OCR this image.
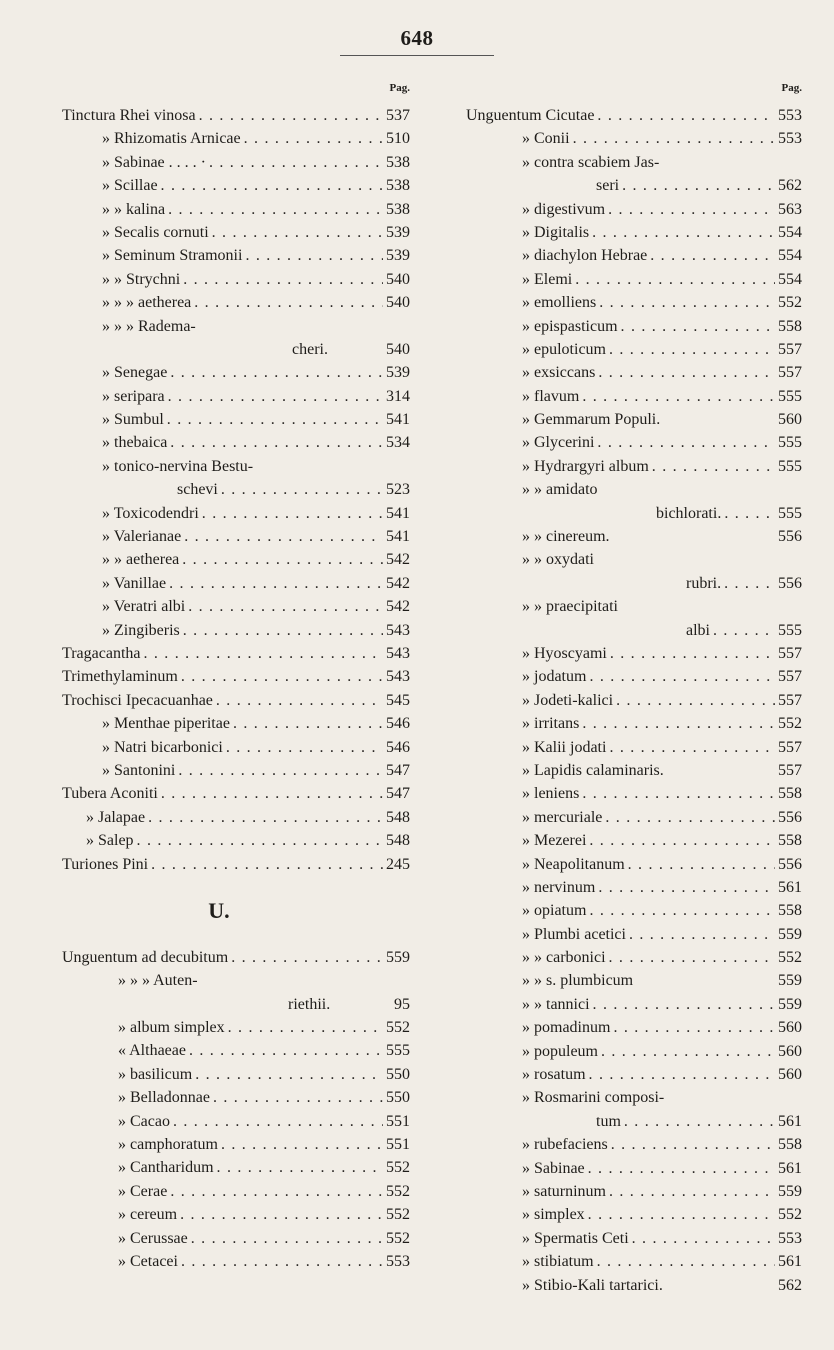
648
Pag.
Tinctura Rhei vinosa . . .	537
» Rhizomatis Arnicae . . .	510
» Sabinae . . . . · . . .	538
» Scillae . . .	538
» » kalina . . .	538
» Secalis cornuti . . .	539
» Seminum Stramonii . . .	539
» » Strychni . . .	540
» » » aetherea . . .	540
» » » Radema-
cheri.	540
» Senegae . . .	539
» seripara . . .	314
» Sumbul . . .	541
» thebaica . . .	534
» tonico-nervina Bestu-
schevi . . .	523
» Toxicodendri . . .	541
» Valerianae . . .	541
» » aetherea . . .	542
» Vanillae . . .	542
» Veratri albi . . .	542
» Zingiberis . . .	543
Tragacantha . . .	543
Trimethylaminum . . .	543
Trochisci Ipecacuanhae . . .	545
» Menthae piperitae . . .	546
» Natri bicarbonici . . .	546
» Santonini . . .	547
Tubera Aconiti . . .	547
» Jalapae . . .	548
» Salep . . .	548
Turiones Pini . . .	245
U.
Unguentum ad decubitum . . .	559
» » » Auten-
riethii.	95
» album simplex . . .	552
« Althaeae . . .	555
» basilicum . . .	550
» Belladonnae . . .	550
» Cacao . . .	551
» camphoratum . . .	551
» Cantharidum . . .	552
» Cerae . . .	552
» cereum . . .	552
» Cerussae . . .	552
» Cetacei . . .	553
Pag.
Unguentum Cicutae . . .	553
» Conii . . .	553
» contra scabiem Jas-
seri . . .	562
» digestivum . . .	563
» Digitalis . . .	554
» diachylon Hebrae . . .	554
» Elemi . . .	554
» emolliens . . .	552
» epispasticum . . .	558
» epuloticum . . .	557
» exsiccans . . .	557
» flavum . . .	555
» Gemmarum Populi.	560
» Glycerini . . .	555
» Hydrargyri album . . .	555
» » amidato
bichlorati. . . .	555
» » cinereum.	556
» » oxydati
rubri. . . .	556
» » praecipitati
albi . . .	555
» Hyoscyami . . .	557
» jodatum . . .	557
» Jodeti-kalici . . .	557
» irritans . . .	552
» Kalii jodati . . .	557
» Lapidis calaminaris.	557
» leniens . . .	558
» mercuriale . . .	556
» Mezerei . . .	558
» Neapolitanum . . .	556
» nervinum . . .	561
» opiatum . . .	558
» Plumbi acetici . . .	559
» » carbonici . . .	552
» » s. plumbicum	559
» » tannici . . .	559
» pomadinum . . .	560
» populeum . . .	560
» rosatum . . .	560
» Rosmarini composi-
tum . . .	561
» rubefaciens . . .	558
» Sabinae . . .	561
» saturninum . . .	559
» simplex . . .	552
» Spermatis Ceti . . .	553
» stibiatum . . .	561
» Stibio-Kali tartarici.	562
